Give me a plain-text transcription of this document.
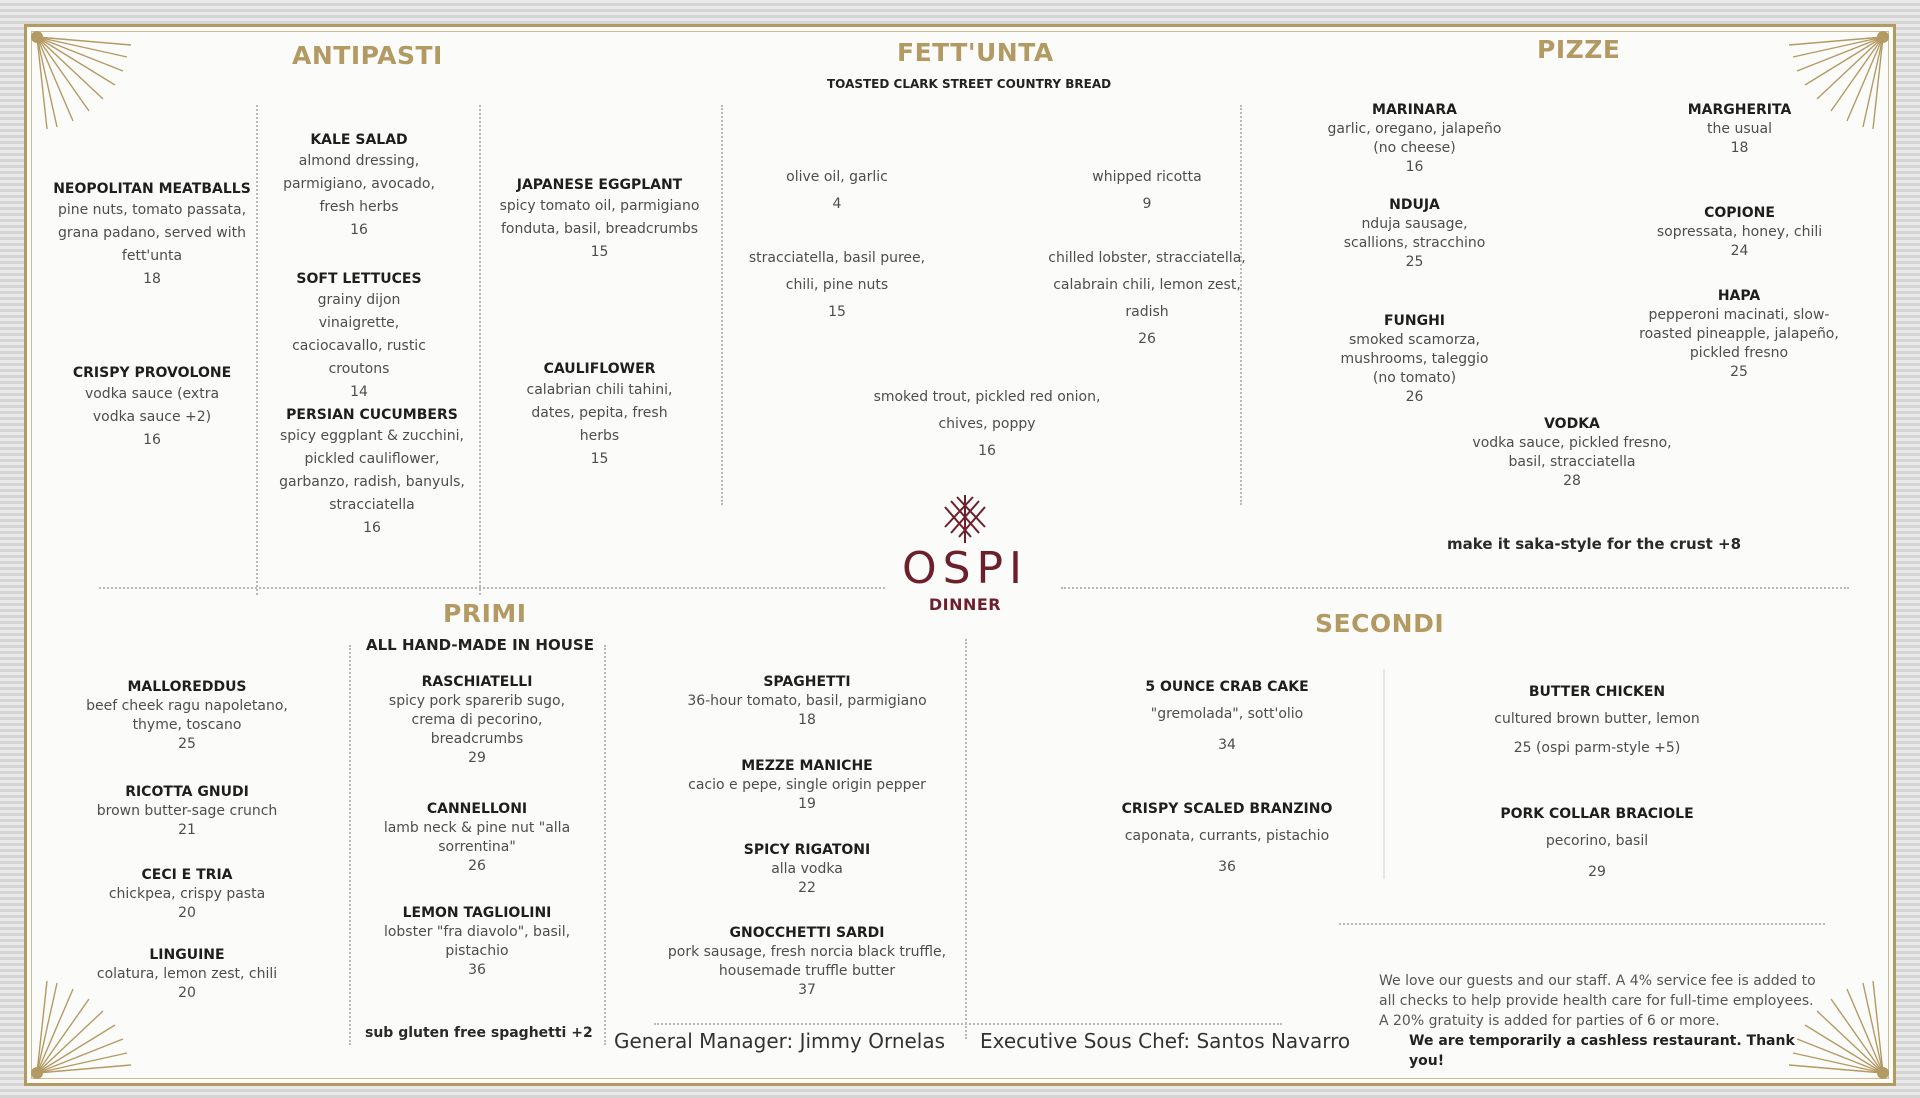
ANTIPASTI
NEOPOLITAN MEATBALLS
pine nuts, tomato passata, grana padano, served with fett'unta
18
CRISPY PROVOLONE
vodka sauce (extra vodka sauce +2)
16
KALE SALAD
almond dressing, parmigiano, avocado, fresh herbs
16
SOFT LETTUCES
grainy dijon vinaigrette, caciocavallo, rustic croutons
14
PERSIAN CUCUMBERS
spicy eggplant & zucchini, pickled cauliflower, garbanzo, radish, banyuls, stracciatella
16
JAPANESE EGGPLANT
spicy tomato oil, parmigiano fonduta, basil, breadcrumbs
15
CAULIFLOWER
calabrian chili tahini, dates, pepita, fresh herbs
15
FETT'UNTA
TOASTED CLARK STREET COUNTRY BREAD
olive oil, garlic
4
whipped ricotta
9
stracciatella, basil puree, chili, pine nuts
15
chilled lobster, stracciatella, calabrain chili, lemon zest, radish
26
smoked trout, pickled red onion, chives, poppy
16
PIZZE
MARINARA
garlic, oregano, jalapeño (no cheese)
16
MARGHERITA
the usual
18
NDUJA
nduja sausage, scallions, stracchino
25
COPIONE
sopressata, honey, chili
24
FUNGHI
smoked scamorza, mushrooms, taleggio (no tomato)
26
HAPA
pepperoni macinati, slow-roasted pineapple, jalapeño, pickled fresno
25
VODKA
vodka sauce, pickled fresno, basil, stracciatella
28
make it saka-style for the crust +8
OSPI
DINNER
PRIMI
ALL HAND-MADE IN HOUSE
MALLOREDDUS
beef cheek ragu napoletano, thyme, toscano
25
RICOTTA GNUDI
brown butter-sage crunch
21
CECI E TRIA
chickpea, crispy pasta
20
LINGUINE
colatura, lemon zest, chili
20
RASCHIATELLI
spicy pork sparerib sugo, crema di pecorino, breadcrumbs
29
CANNELLONI
lamb neck & pine nut "alla sorrentina"
26
LEMON TAGLIOLINI
lobster "fra diavolo", basil, pistachio
36
sub gluten free spaghetti +2
SPAGHETTI
36-hour tomato, basil, parmigiano
18
MEZZE MANICHE
cacio e pepe, single origin pepper
19
SPICY RIGATONI
alla vodka
22
GNOCCHETTI SARDI
pork sausage, fresh norcia black truffle, housemade truffle butter
37
SECONDI
5 OUNCE CRAB CAKE
"gremolada", sott'olio
34
BUTTER CHICKEN
cultured brown butter, lemon
25 (ospi parm-style +5)
CRISPY SCALED BRANZINO
caponata, currants, pistachio
36
PORK COLLAR BRACIOLE
pecorino, basil
29
We love our guests and our staff. A 4% service fee is added to all checks to help provide health care for full-time employees. A 20% gratuity is added for parties of 6 or more.
We are temporarily a cashless restaurant. Thank you!
General Manager: Jimmy Ornelas Executive Sous Chef: Santos Navarro
